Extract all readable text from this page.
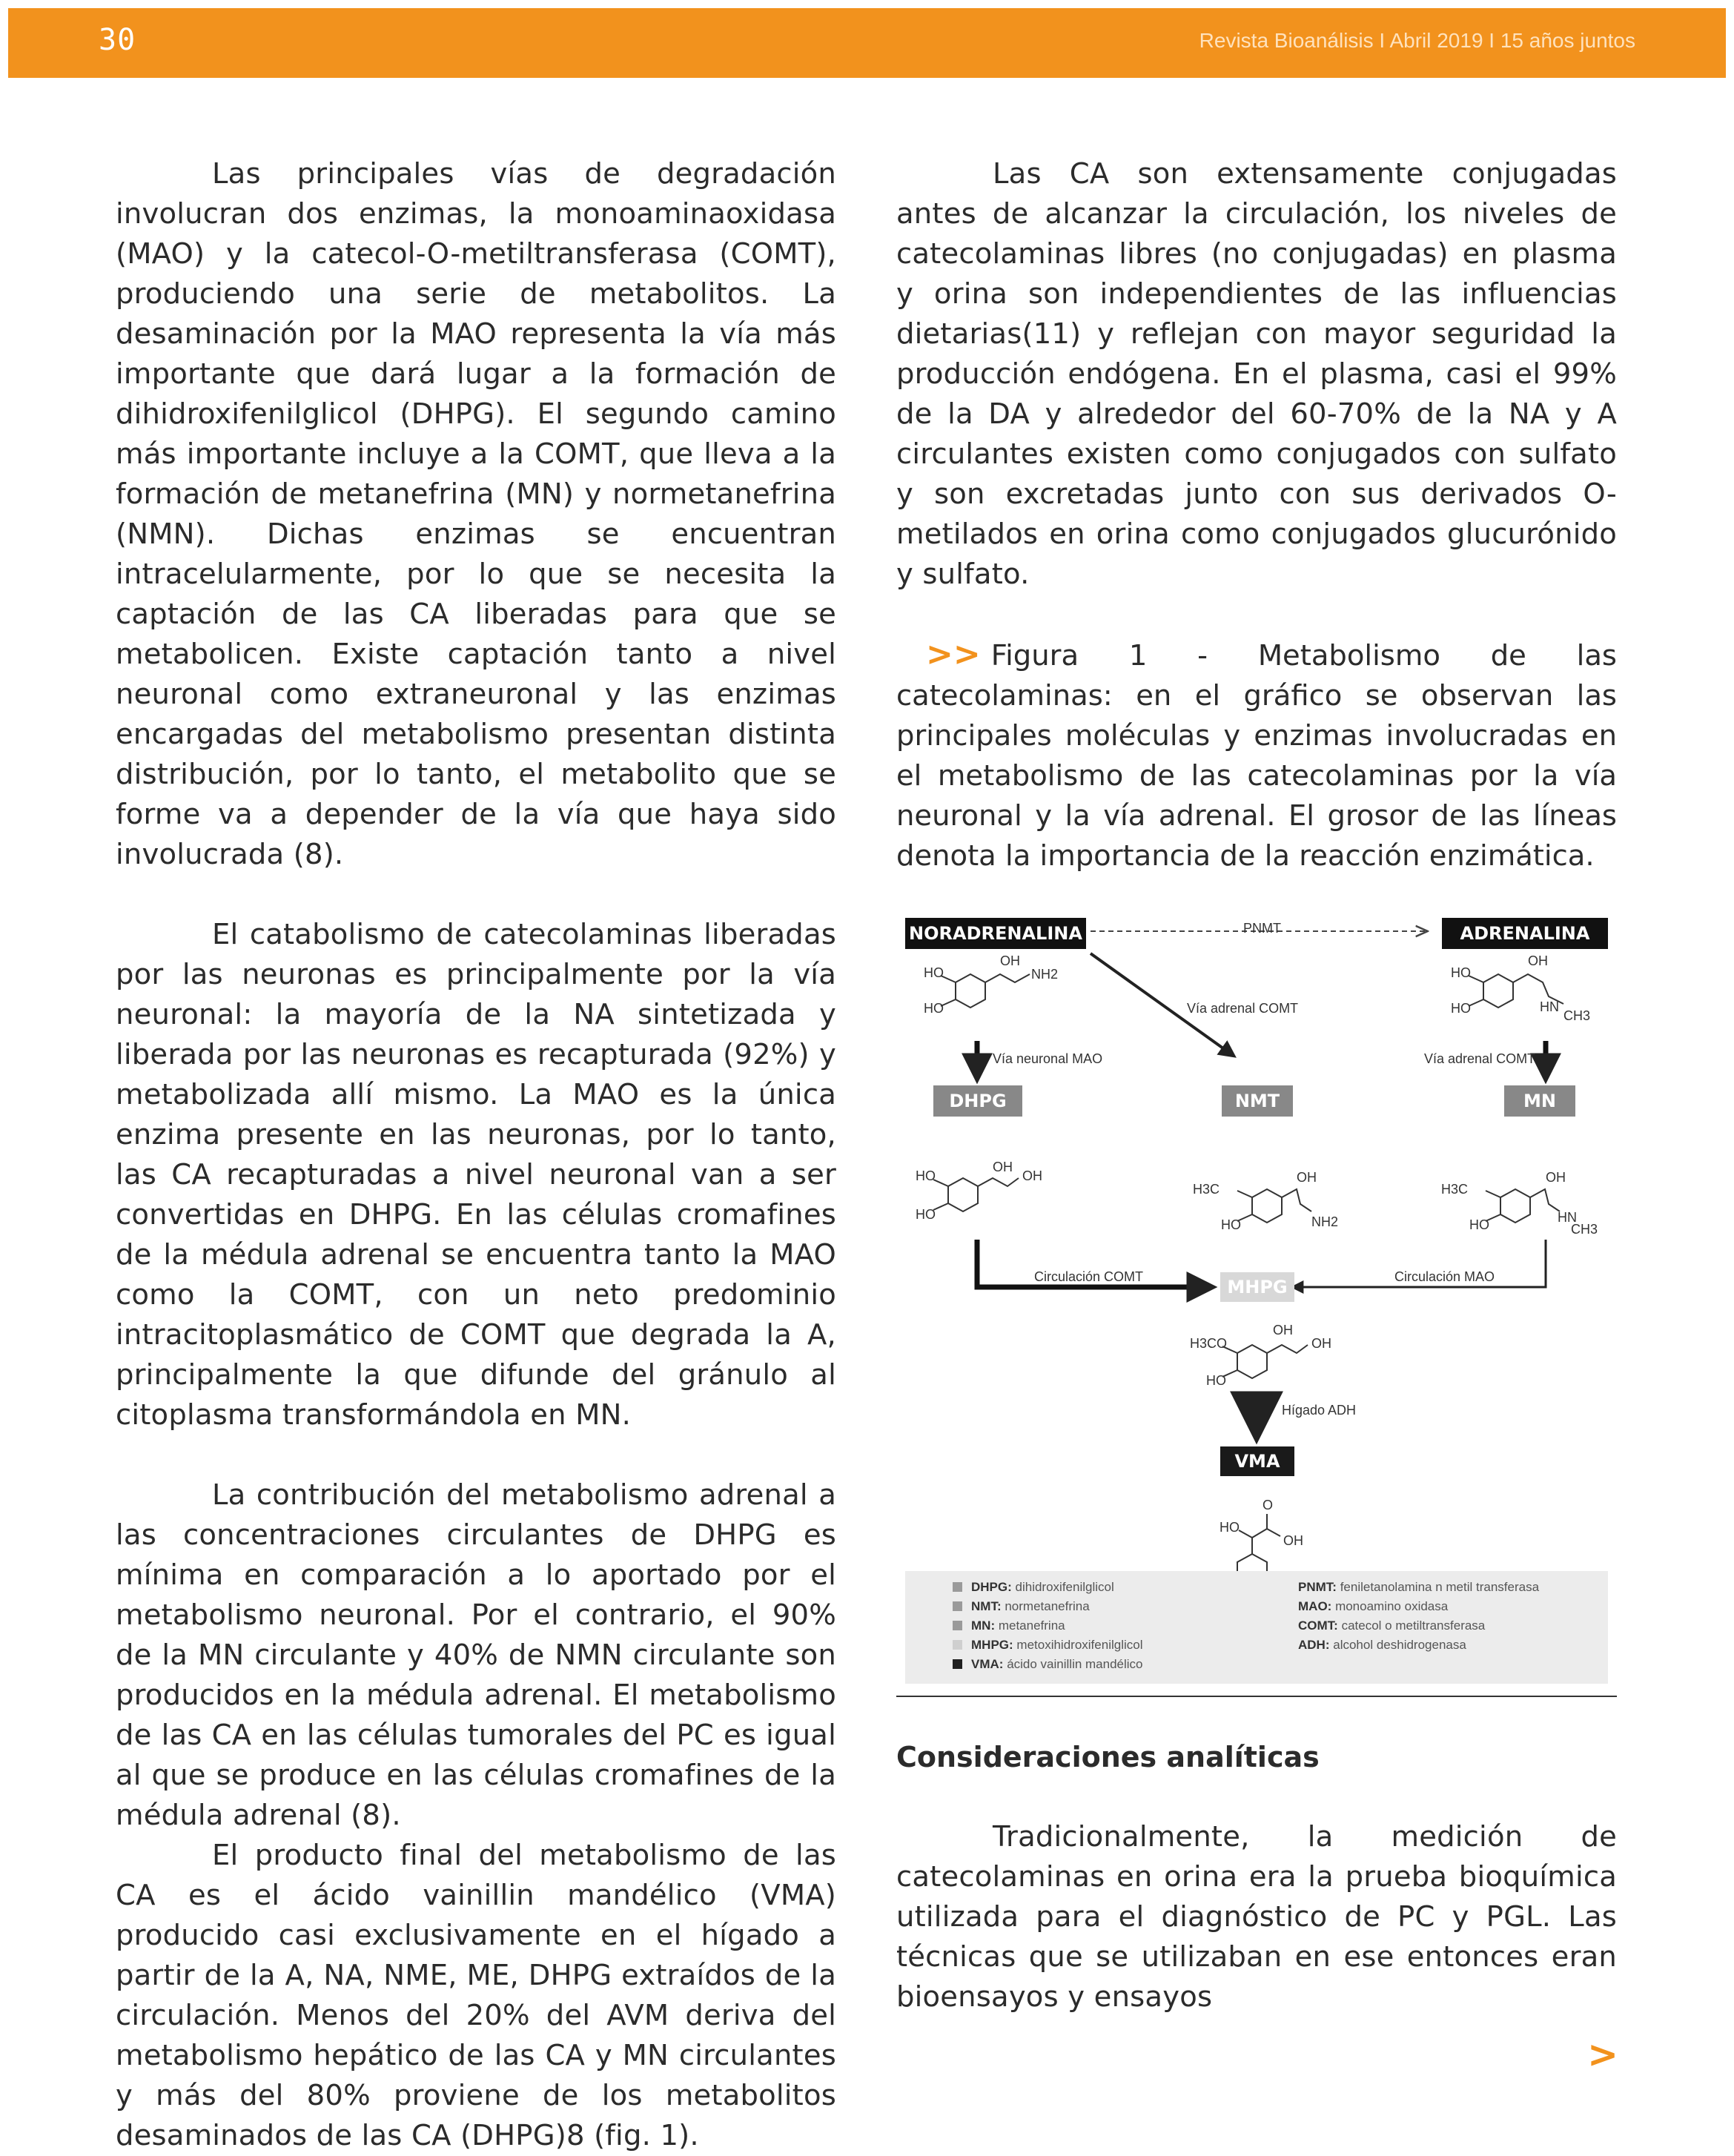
30	Revista Bioanálisis I Abril 2019 I 15 años juntos

Las principales vías de degradación involucran dos enzimas, la monoaminaoxidasa (MAO) y la catecol-O-metiltransferasa (COMT), produciendo una serie de metabolitos. La desaminación por la MAO representa la vía más importante que dará lugar a la formación de dihidroxifenilglicol (DHPG). El segundo camino más importante incluye a la COMT, que lleva a la formación de metanefrina (MN) y normetanefrina (NMN). Dichas enzimas se encuentran intracelularmente, por lo que se necesita la captación de las CA liberadas para que se metabolicen. Existe captación tanto a nivel neuronal como extraneuronal y las enzimas encargadas del metabolismo presentan distinta distribución, por lo tanto, el metabolito que se forme va a depender de la vía que haya sido involucrada (8).

El catabolismo de catecolaminas liberadas por las neuronas es principalmente por la vía neuronal: la mayoría de la NA sintetizada y liberada por las neuronas es recapturada (92%) y metabolizada allí mismo. La MAO es la única enzima presente en las neuronas, por lo tanto, las CA recapturadas a nivel neuronal van a ser convertidas en DHPG. En las células cromafines de la médula adrenal se encuentra tanto la MAO como la COMT, con un neto predominio intracitoplasmático de COMT que degrada la A, principalmente la que difunde del gránulo al citoplasma transformándola en MN.

La contribución del metabolismo adrenal a las concentraciones circulantes de DHPG es mínima en comparación a lo aportado por el metabolismo neuronal. Por el contrario, el 90% de la MN circulante y 40% de NMN circulante son producidos en la médula adrenal. El metabolismo de las CA en las células tumorales del PC es igual al que se produce en las células cromafines de la médula adrenal (8).

El producto final del metabolismo de las CA es el ácido vainillin mandélico (VMA) producido casi exclusivamente en el hígado a partir de la A, NA, NME, ME, DHPG extraídos de la circulación. Menos del 20% del AVM deriva del metabolismo hepático de las CA y MN circulantes y más del 80% proviene de los metabolitos desaminados de las CA (DHPG)8 (fig. 1).

Las CA son extensamente conjugadas antes de alcanzar la circulación, los niveles de catecolaminas libres (no conjugadas) en plasma y orina son independientes de las influencias dietarias(11) y reflejan con mayor seguridad la producción endógena. En el plasma, casi el 99% de la DA y alrededor del 60-70% de la NA y A circulantes existen como conjugados con sulfato y son excretadas junto con sus derivados O-metilados en orina como conjugados glucurónido y sulfato.

>> Figura 1 - Metabolismo de las catecolaminas: en el gráfico se observan las principales moléculas y enzimas involucradas en el metabolismo de las catecolaminas por la vía neuronal y la vía adrenal. El grosor de las líneas denota la importancia de la reacción enzimática.

NORADRENALINA	ADRENALINA
DHPG	NMT	MN
MHPG
VMA
PNMT
Vía adrenal COMT
Vía neuronal MAO	Vía adrenal COMT
Circulación COMT	Circulación MAO
Hígado ADH
HO
HO
OH
NH2	HO
HO
OH
HN
CH3
HO
HO
OH
OH
H3C
HO
OH
NH2
H3C
HO
OH
HN
CH3
H3CO
HO
OH
OH
O
HO
OH
DHPG: dihidroxifenilglicol
NMT: normetanefrina
MN: metanefrina
MHPG: metoxihidroxifenilglicol
VMA: ácido vainillin mandélico
PNMT: feniletanolamina n metil transferasa
MAO: monoamino oxidasa
COMT: catecol o metiltransferasa
ADH: alcohol deshidrogenasa

Consideraciones analíticas

Tradicionalmente, la medición de catecolaminas en orina era la prueba bioquímica utilizada para el diagnóstico de PC y PGL. Las técnicas que se utilizaban en ese entonces eran bioensayos y ensayos

>
